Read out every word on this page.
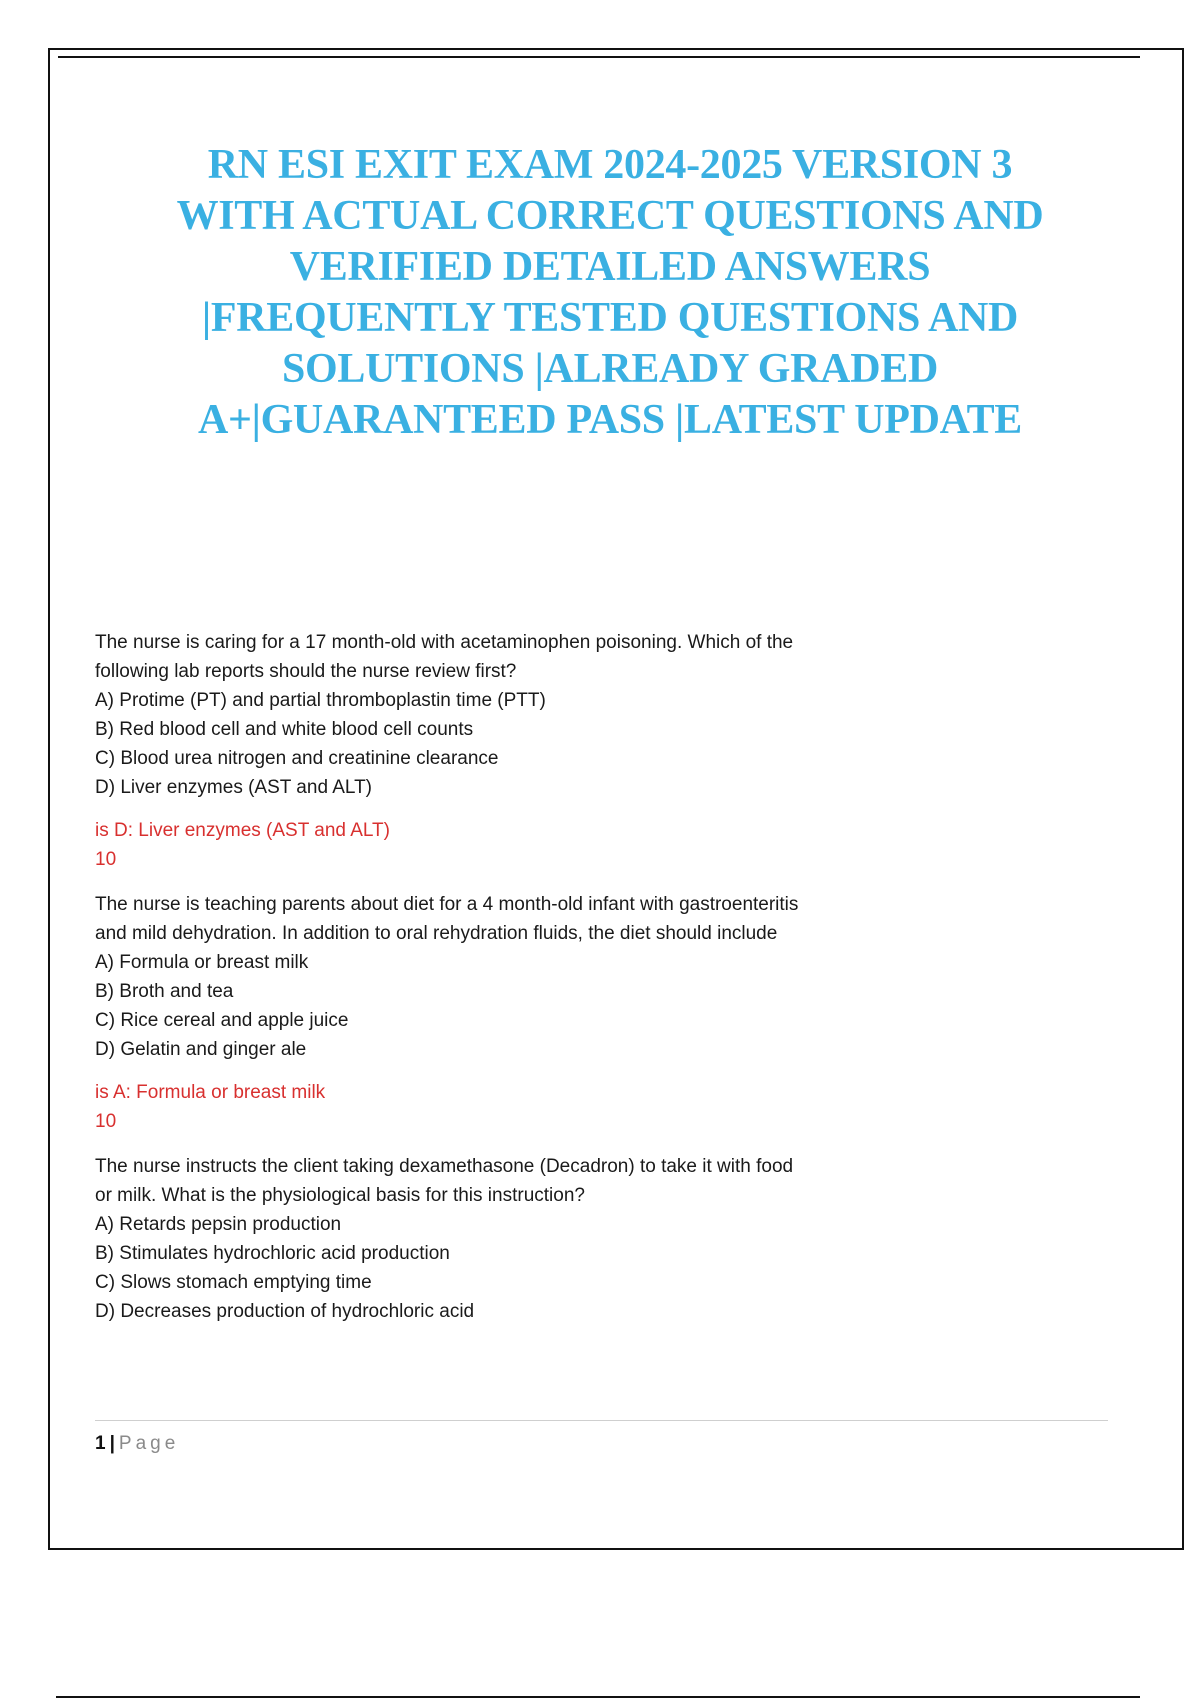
RN ESI EXIT EXAM 2024-2025 VERSION 3
WITH ACTUAL CORRECT QUESTIONS AND
VERIFIED DETAILED ANSWERS
|FREQUENTLY TESTED QUESTIONS AND
SOLUTIONS |ALREADY GRADED
A+|GUARANTEED PASS |LATEST UPDATE
The nurse is caring for a 17 month-old with acetaminophen poisoning. Which of the
following lab reports should the nurse review first?
A) Protime (PT) and partial thromboplastin time (PTT)
B) Red blood cell and white blood cell counts
C) Blood urea nitrogen and creatinine clearance
D) Liver enzymes (AST and ALT)
is D: Liver enzymes (AST and ALT)
10
The nurse is teaching parents about diet for a 4 month-old infant with gastroenteritis
and mild dehydration. In addition to oral rehydration fluids, the diet should include
A) Formula or breast milk
B) Broth and tea
C) Rice cereal and apple juice
D) Gelatin and ginger ale
is A: Formula or breast milk
10
The nurse instructs the client taking dexamethasone (Decadron) to take it with food
or milk. What is the physiological basis for this instruction?
A) Retards pepsin production
B) Stimulates hydrochloric acid production
C) Slows stomach emptying time
D) Decreases production of hydrochloric acid
1 | Page
